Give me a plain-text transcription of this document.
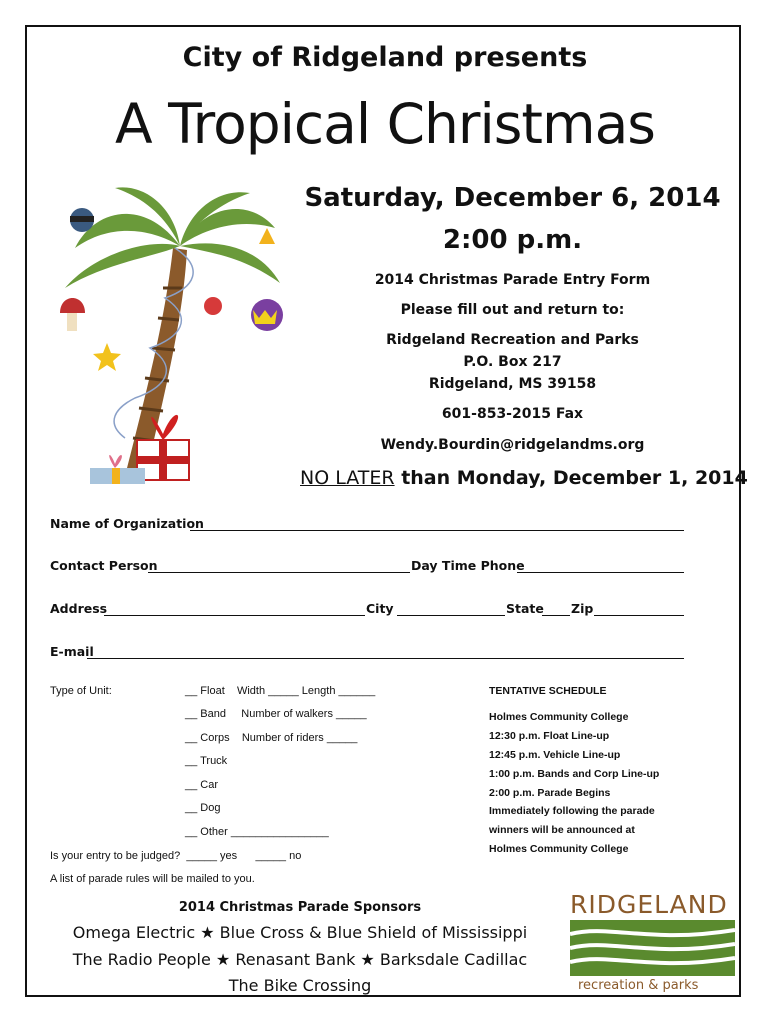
City of Ridgeland presents
A Tropical Christmas
Saturday, December 6, 2014
2:00 p.m.
2014 Christmas Parade Entry Form
Please fill out and return to:
Ridgeland Recreation and Parks
P.O. Box 217
Ridgeland, MS 39158
601-853-2015 Fax
Wendy.Bourdin@ridgelandms.org
NO LATER than Monday, December 1, 2014
Name of Organization
Contact Person	Day Time Phone
Address	City	State Zip
E-mail
Type of Unit:	__ Float    Width _____ Length ______
__ Band     Number of walkers _____
__ Corps    Number of riders _____
__ Truck
__ Car
__ Dog
__ Other ________________
Is your entry to be judged?  _____ yes      _____ no
A list of parade rules will be mailed to you.
TENTATIVE SCHEDULE
Holmes Community College
12:30 p.m. Float Line-up
12:45 p.m. Vehicle Line-up
1:00 p.m. Bands and Corp Line-up
2:00 p.m. Parade Begins
Immediately following the parade
winners will be announced at
Holmes Community College
2014 Christmas Parade Sponsors
Omega Electric ★ Blue Cross & Blue Shield of Mississippi
The Radio People ★ Renasant Bank ★ Barksdale Cadillac
The Bike Crossing
RIDGELAND
recreation & parks
